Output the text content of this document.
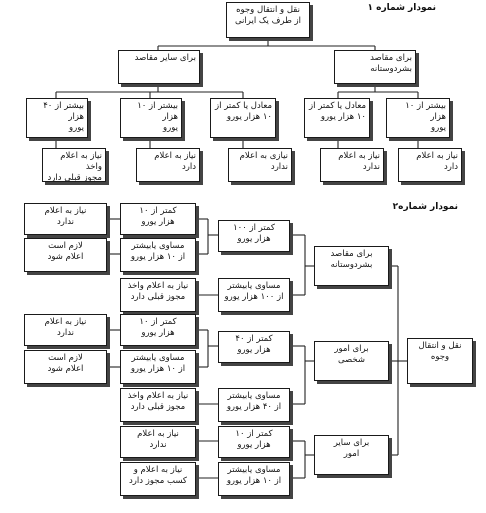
نمودار شماره ۱
نقل و انتقال وجوه
از طرف یک ایرانی
برای سایر مقاصد	برای مقاصد
بشردوستانه
بیشتر از ۴۰ هزار
یورو
بیشتر از ۱۰ هزار
یورو
معادل یا کمتر از
۱۰ هزار یورو
معادل یا کمتر از
۱۰ هزار یورو
بیشتر از ۱۰ هزار
یورو
نیاز به اعلام واخذ
مجوز قبلی دارد
نیاز به اعلام دارد
نیازی به اعلام
ندارد
نیاز به اعلام ندارد
نیاز به اعلام دارد
نمودار شماره۲
نقل و انتقال
وجوه
برای مقاصد
بشردوستانه
برای امور
شخصی
برای سایر
امور
کمتر از ۱۰۰
هزار یورو
مساوی یابیشتر
از ۱۰۰ هزار یورو
کمتر از ۴۰
هزار یورو
مساوی یابیشتر
از ۴۰ هزار یورو
کمتر از ۱۰
هزار یورو
مساوی یابیشتر
از ۱۰ هزار یورو
کمتر از ۱۰
هزار یورو
مساوی یابیشتر
از ۱۰ هزار یورو
نیاز به اعلام واخذ
مجوز قبلی دارد
نیاز به اعلام
ندارد
لازم است
اعلام شود
کمتر از ۱۰
هزار یورو
مساوی یابیشتر
از ۱۰ هزار یورو
نیاز به اعلام واخذ
مجوز قبلی دارد
نیاز به اعلام
ندارد
لازم است
اعلام شود
نیاز به اعلام
ندارد
نیاز به اعلام و
کسب مجوز دارد
